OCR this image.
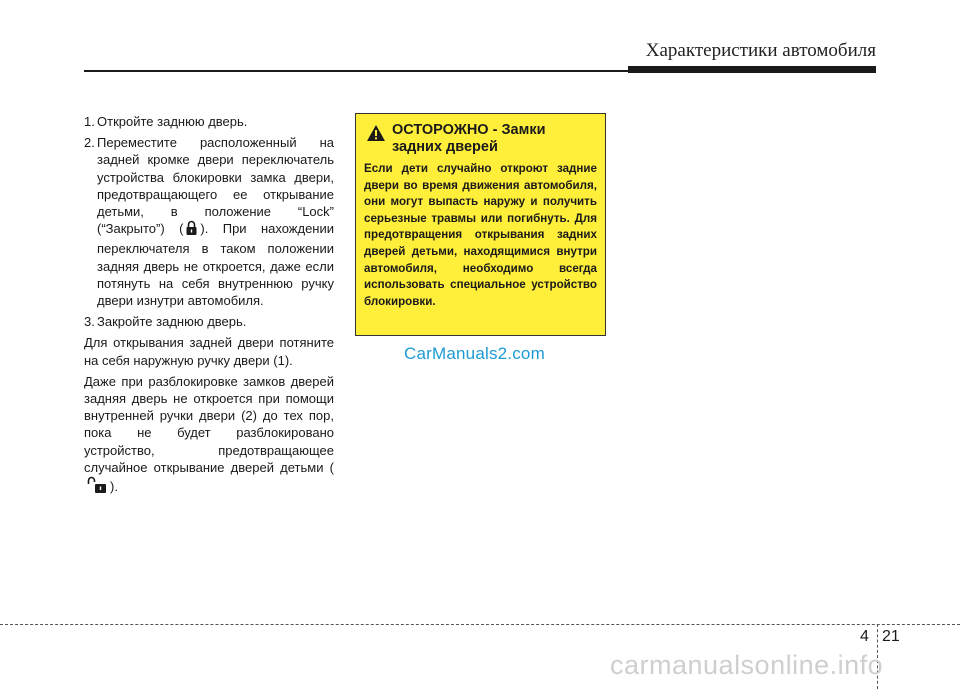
Характеристики автомобиля
1. Откройте заднюю дверь.
2. Переместите расположенный на задней кромке двери переключатель устройства блокировки замка двери, предотвращающего ее открывание детьми, в положение “Lock” (“Закрыто”) ( ). При нахождении переключателя в таком положении задняя дверь не откроется, даже если потянуть на себя внутреннюю ручку двери изнутри автомобиля.
3. Закройте заднюю дверь.

Для открывания задней двери потяните на себя наружную ручку двери (1).

Даже при разблокировке замков дверей задняя дверь не откроется при помощи внутренней ручки двери (2) до тех пор, пока не будет разблокировано устройство, предотвращающее случайное открывание дверей детьми ().

ОСТОРОЖНО - Замки
задних дверей
Если дети случайно откроют задние двери во время движения автомобиля, они могут выпасть наружу и получить серьезные травмы или погибнуть. Для предотвращения открывания задних дверей детьми, находящимися внутри автомобиля, необходимо всегда использовать специальное устройство блокировки.
CarManuals2.com
4 21
carmanualsonline.info
